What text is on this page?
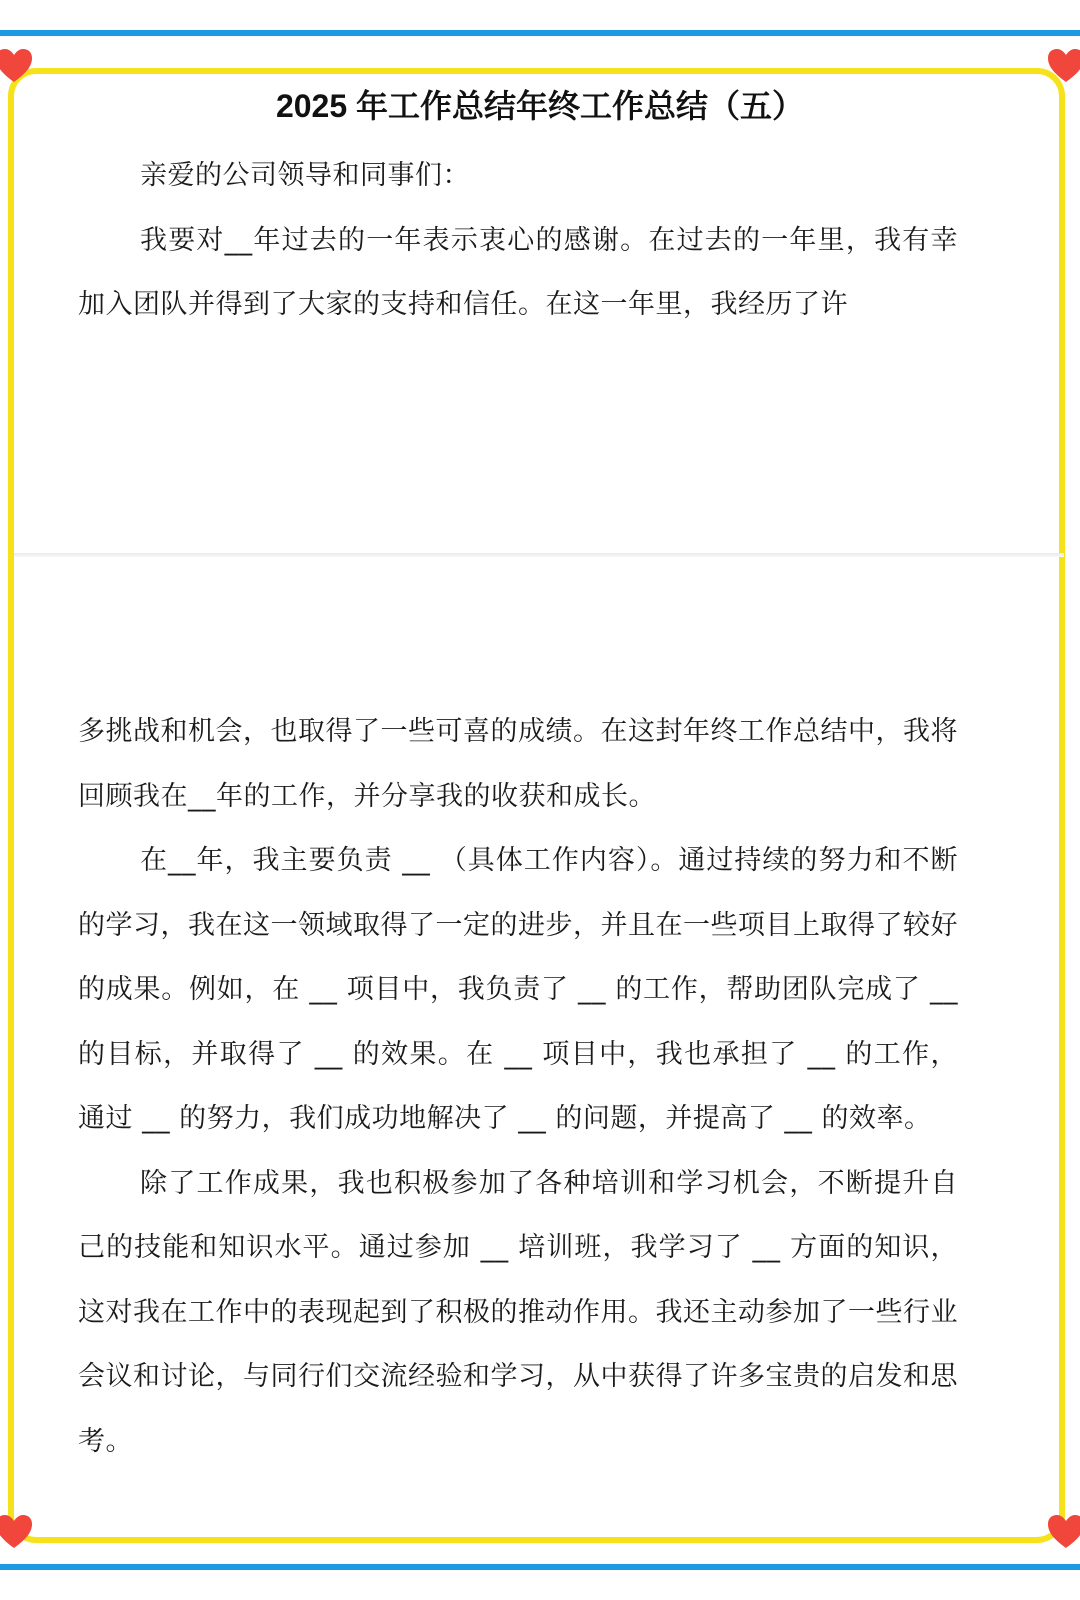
2025 年工作总结年终工作总结（五）

亲爱的公司领导和同事们：

我要对__年过去的一年表示衷心的感谢。在过去的一年里，我有幸加入团队并得到了大家的支持和信任。在这一年里，我经历了许

多挑战和机会，也取得了一些可喜的成绩。在这封年终工作总结中，我将回顾我在__年的工作，并分享我的收获和成长。

在__年，我主要负责 __ （具体工作内容）。通过持续的努力和不断的学习，我在这一领域取得了一定的进步，并且在一些项目上取得了较好的成果。例如，在 __ 项目中，我负责了 __ 的工作，帮助团队完成了 __ 的目标，并取得了 __ 的效果。在 __ 项目中，我也承担了 __ 的工作，通过 __ 的努力，我们成功地解决了 __ 的问题，并提高了 __ 的效率。

除了工作成果，我也积极参加了各种培训和学习机会，不断提升自己的技能和知识水平。通过参加 __ 培训班，我学习了 __ 方面的知识，这对我在工作中的表现起到了积极的推动作用。我还主动参加了一些行业会议和讨论，与同行们交流经验和学习，从中获得了许多宝贵的启发和思考。
